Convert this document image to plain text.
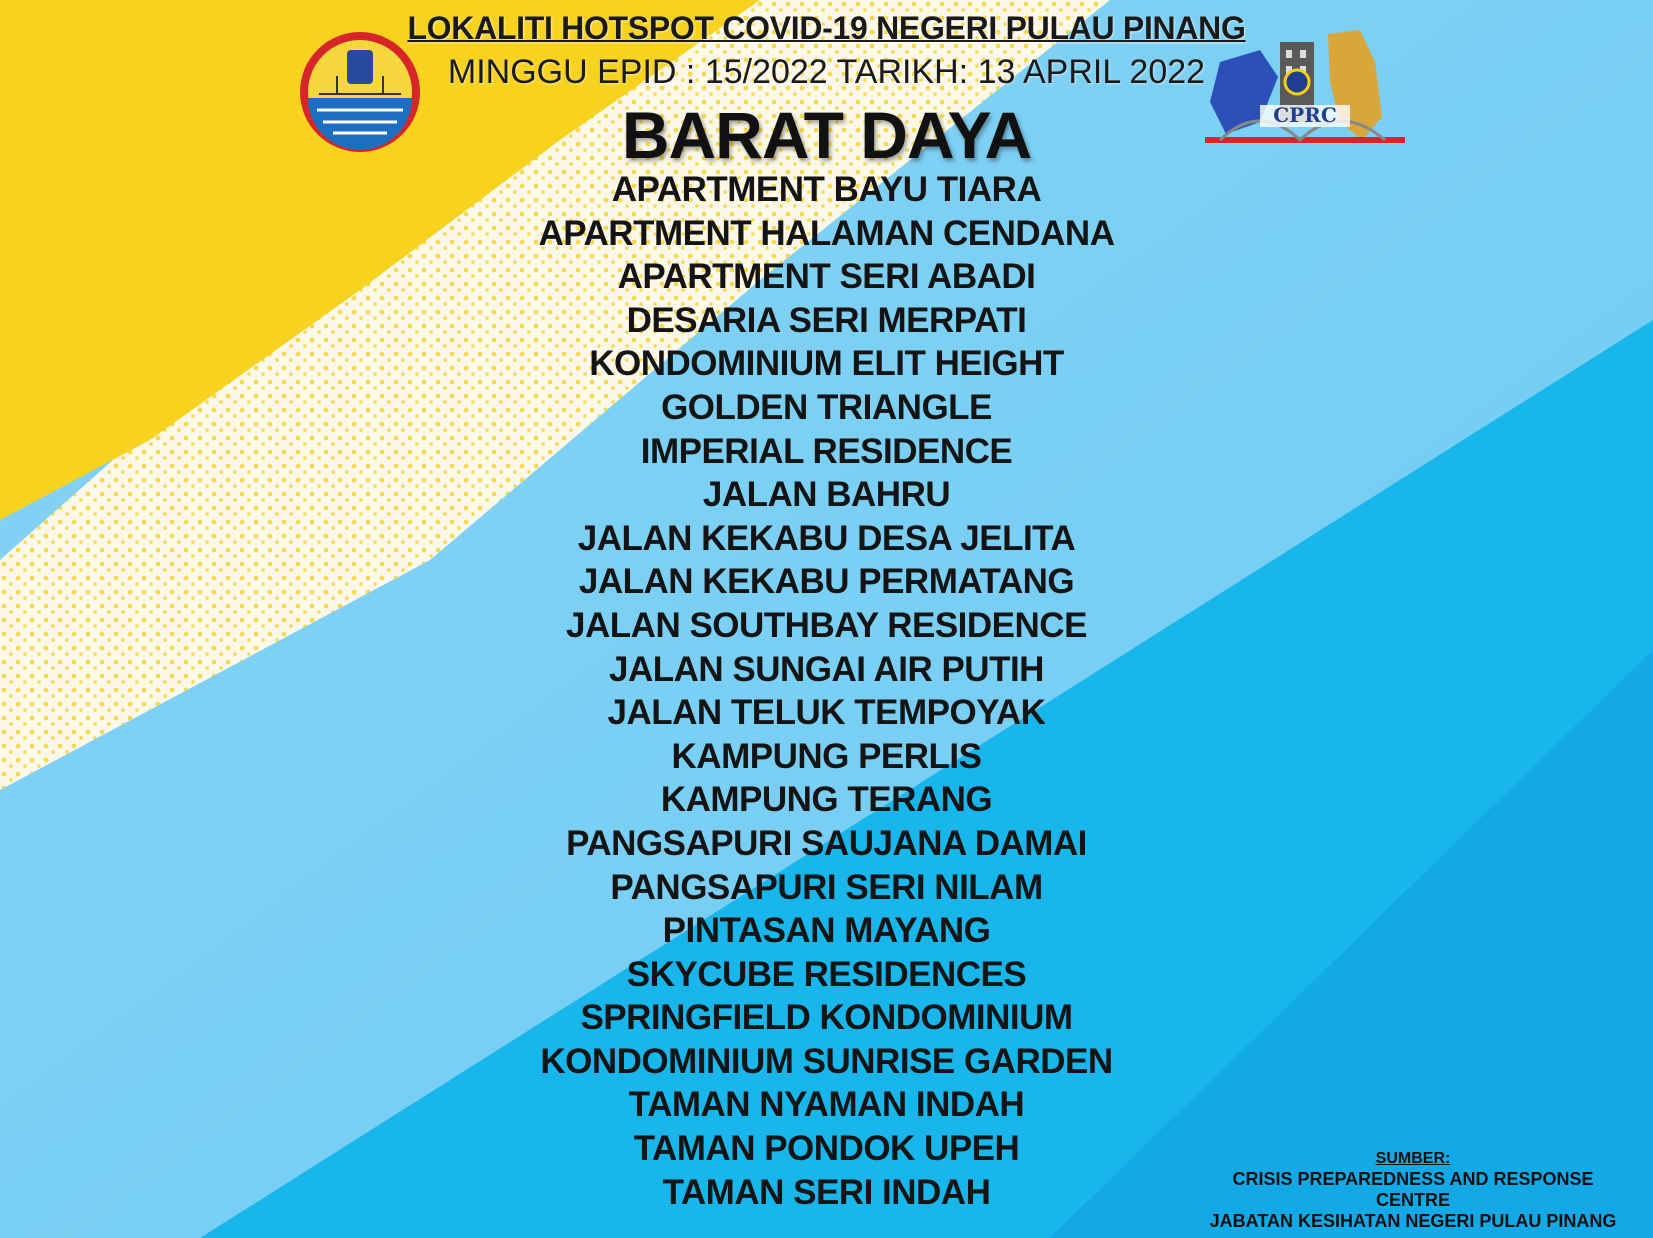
CPRC
LOKALITI HOTSPOT COVID-19 NEGERI PULAU PINANG
MINGGU EPID : 15/2022 TARIKH: 13 APRIL 2022
BARAT DAYA
APARTMENT BAYU TIARA
APARTMENT HALAMAN CENDANA
APARTMENT SERI ABADI
DESARIA SERI MERPATI
KONDOMINIUM ELIT HEIGHT
GOLDEN TRIANGLE
IMPERIAL RESIDENCE
JALAN BAHRU
JALAN KEKABU DESA JELITA
JALAN KEKABU PERMATANG
JALAN SOUTHBAY RESIDENCE
JALAN SUNGAI AIR PUTIH
JALAN TELUK TEMPOYAK
KAMPUNG PERLIS
KAMPUNG TERANG
PANGSAPURI SAUJANA DAMAI
PANGSAPURI SERI NILAM
PINTASAN MAYANG
SKYCUBE RESIDENCES
SPRINGFIELD KONDOMINIUM
KONDOMINIUM SUNRISE GARDEN
TAMAN NYAMAN INDAH
TAMAN PONDOK UPEH
TAMAN SERI INDAH
SUMBER:
CRISIS PREPAREDNESS AND RESPONSE
CENTRE
JABATAN KESIHATAN NEGERI PULAU PINANG
